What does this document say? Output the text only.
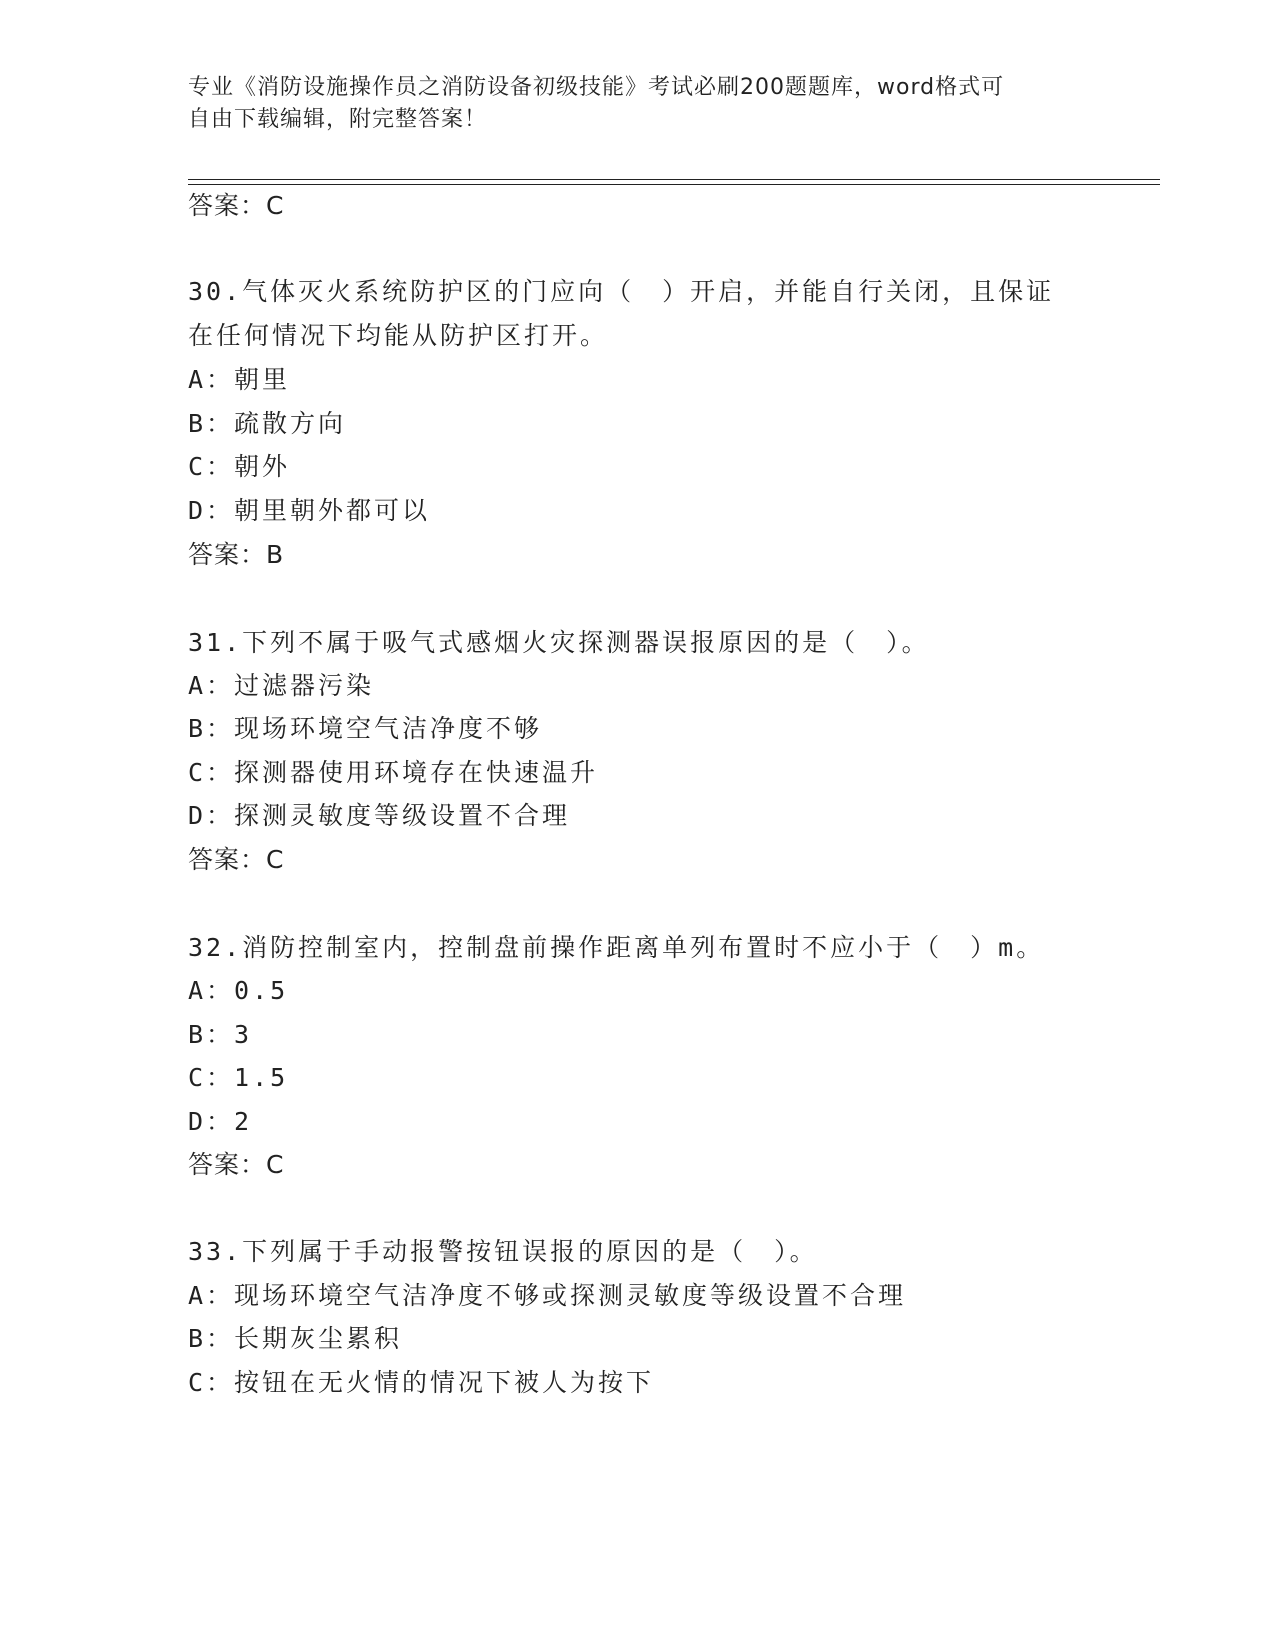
专业《消防设施操作员之消防设备初级技能》考试必刷200题题库，word格式可
自由下载编辑，附完整答案！
答案：C
30.气体灭火系统防护区的门应向（　）开启，并能自行关闭，且保证
在任何情况下均能从防护区打开。
A：朝里
B：疏散方向
C：朝外
D：朝里朝外都可以
答案：B
31.下列不属于吸气式感烟火灾探测器误报原因的是（　）。
A：过滤器污染
B：现场环境空气洁净度不够
C：探测器使用环境存在快速温升
D：探测灵敏度等级设置不合理
答案：C
32.消防控制室内，控制盘前操作距离单列布置时不应小于（　）m。
A：0.5
B：3
C：1.5
D：2
答案：C
33.下列属于手动报警按钮误报的原因的是（　）。
A：现场环境空气洁净度不够或探测灵敏度等级设置不合理
B：长期灰尘累积
C：按钮在无火情的情况下被人为按下
